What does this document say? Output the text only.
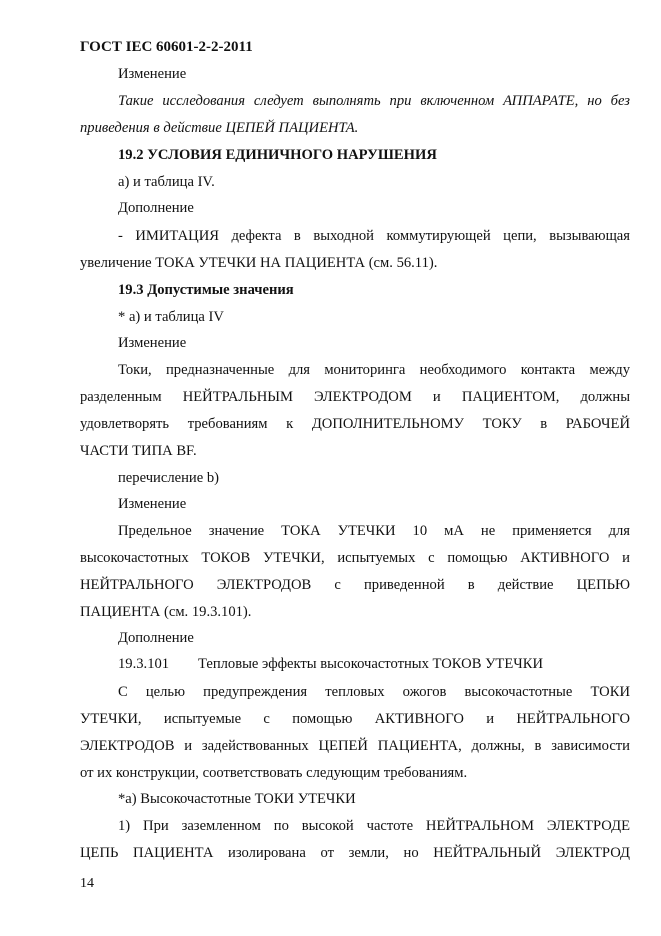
ГОСТ IEC 60601-2-2-2011
Изменение
Такие исследования следует выполнять при включенном АППАРАТЕ, но без
приведения в действие ЦЕПЕЙ ПАЦИЕНТА.
19.2 УСЛОВИЯ ЕДИНИЧНОГО НАРУШЕНИЯ
а) и таблица IV.
Дополнение
- ИМИТАЦИЯ дефекта в выходной коммутирующей цепи, вызывающая
увеличение ТОКА УТЕЧКИ НА ПАЦИЕНТА (см. 56.11).
19.3 Допустимые значения
* а) и таблица IV
Изменение
Токи, предназначенные для мониторинга необходимого контакта между
разделенным НЕЙТРАЛЬНЫМ ЭЛЕКТРОДОМ и ПАЦИЕНТОМ, должны
удовлетворять требованиям к ДОПОЛНИТЕЛЬНОМУ ТОКУ в РАБОЧЕЙ
ЧАСТИ ТИПА BF.
перечисление b)
Изменение
Предельное значение ТОКА УТЕЧКИ 10 мА не применяется для
высокочастотных ТОКОВ УТЕЧКИ, испытуемых с помощью АКТИВНОГО и
НЕЙТРАЛЬНОГО ЭЛЕКТРОДОВ с приведенной в действие ЦЕПЬЮ
ПАЦИЕНТА (см. 19.3.101).
Дополнение
19.3.101 Тепловые эффекты высокочастотных ТОКОВ УТЕЧКИ
С целью предупреждения тепловых ожогов высокочастотные ТОКИ
УТЕЧКИ, испытуемые с помощью АКТИВНОГО и НЕЙТРАЛЬНОГО
ЭЛЕКТРОДОВ и задействованных ЦЕПЕЙ ПАЦИЕНТА, должны, в зависимости
от их конструкции, соответствовать следующим требованиям.
*а) Высокочастотные ТОКИ УТЕЧКИ
1) При заземленном по высокой частоте НЕЙТРАЛЬНОМ ЭЛЕКТРОДЕ
ЦЕПЬ ПАЦИЕНТА изолирована от земли, но НЕЙТРАЛЬНЫЙ ЭЛЕКТРОД
14
